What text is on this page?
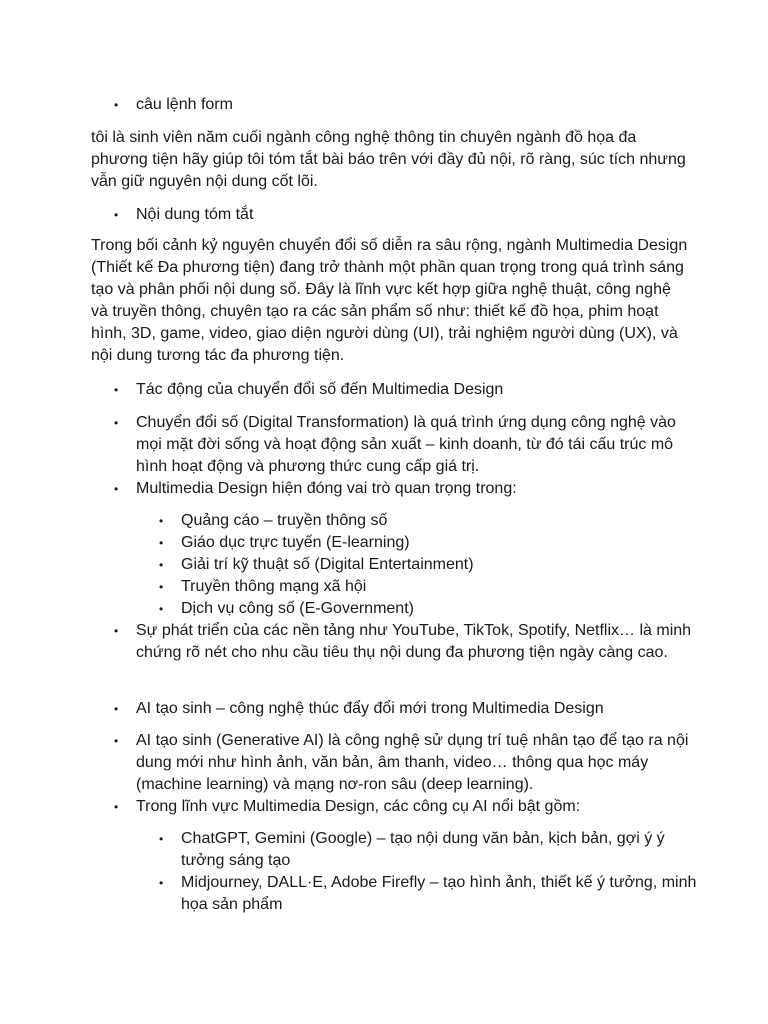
• câu lệnh form

tôi là sinh viên năm cuối ngành công nghệ thông tin chuyên ngành đồ họa đa phương tiện hãy giúp tôi tóm tắt bài báo trên với đầy đủ nội, rõ ràng, súc tích nhưng vẫn giữ nguyên nội dung cốt lõi.

• Nội dung tóm tắt

Trong bối cảnh kỷ nguyên chuyển đổi số diễn ra sâu rộng, ngành Multimedia Design (Thiết kế Đa phương tiện) đang trở thành một phần quan trọng trong quá trình sáng tạo và phân phối nội dung số. Đây là lĩnh vực kết hợp giữa nghệ thuật, công nghệ và truyền thông, chuyên tạo ra các sản phẩm số như: thiết kế đồ họa, phim hoạt hình, 3D, game, video, giao diện người dùng (UI), trải nghiệm người dùng (UX), và nội dung tương tác đa phương tiện.

• Tác động của chuyển đổi số đến Multimedia Design
• Chuyển đổi số (Digital Transformation) là quá trình ứng dụng công nghệ vào mọi mặt đời sống và hoạt động sản xuất – kinh doanh, từ đó tái cấu trúc mô hình hoạt động và phương thức cung cấp giá trị.
• Multimedia Design hiện đóng vai trò quan trọng trong:
• Quảng cáo – truyền thông số
• Giáo dục trực tuyến (E-learning)
• Giải trí kỹ thuật số (Digital Entertainment)
• Truyền thông mạng xã hội
• Dịch vụ công số (E-Government)
• Sự phát triển của các nền tảng như YouTube, TikTok, Spotify, Netflix… là minh chứng rõ nét cho nhu cầu tiêu thụ nội dung đa phương tiện ngày càng cao.
• AI tạo sinh – công nghệ thúc đẩy đổi mới trong Multimedia Design
• AI tạo sinh (Generative AI) là công nghệ sử dụng trí tuệ nhân tạo để tạo ra nội dung mới như hình ảnh, văn bản, âm thanh, video… thông qua học máy (machine learning) và mạng nơ-ron sâu (deep learning).
• Trong lĩnh vực Multimedia Design, các công cụ AI nổi bật gồm:
• ChatGPT, Gemini (Google) – tạo nội dung văn bản, kịch bản, gợi ý ý tưởng sáng tạo
• Midjourney, DALL·E, Adobe Firefly – tạo hình ảnh, thiết kế ý tưởng, minh họa sản phẩm
